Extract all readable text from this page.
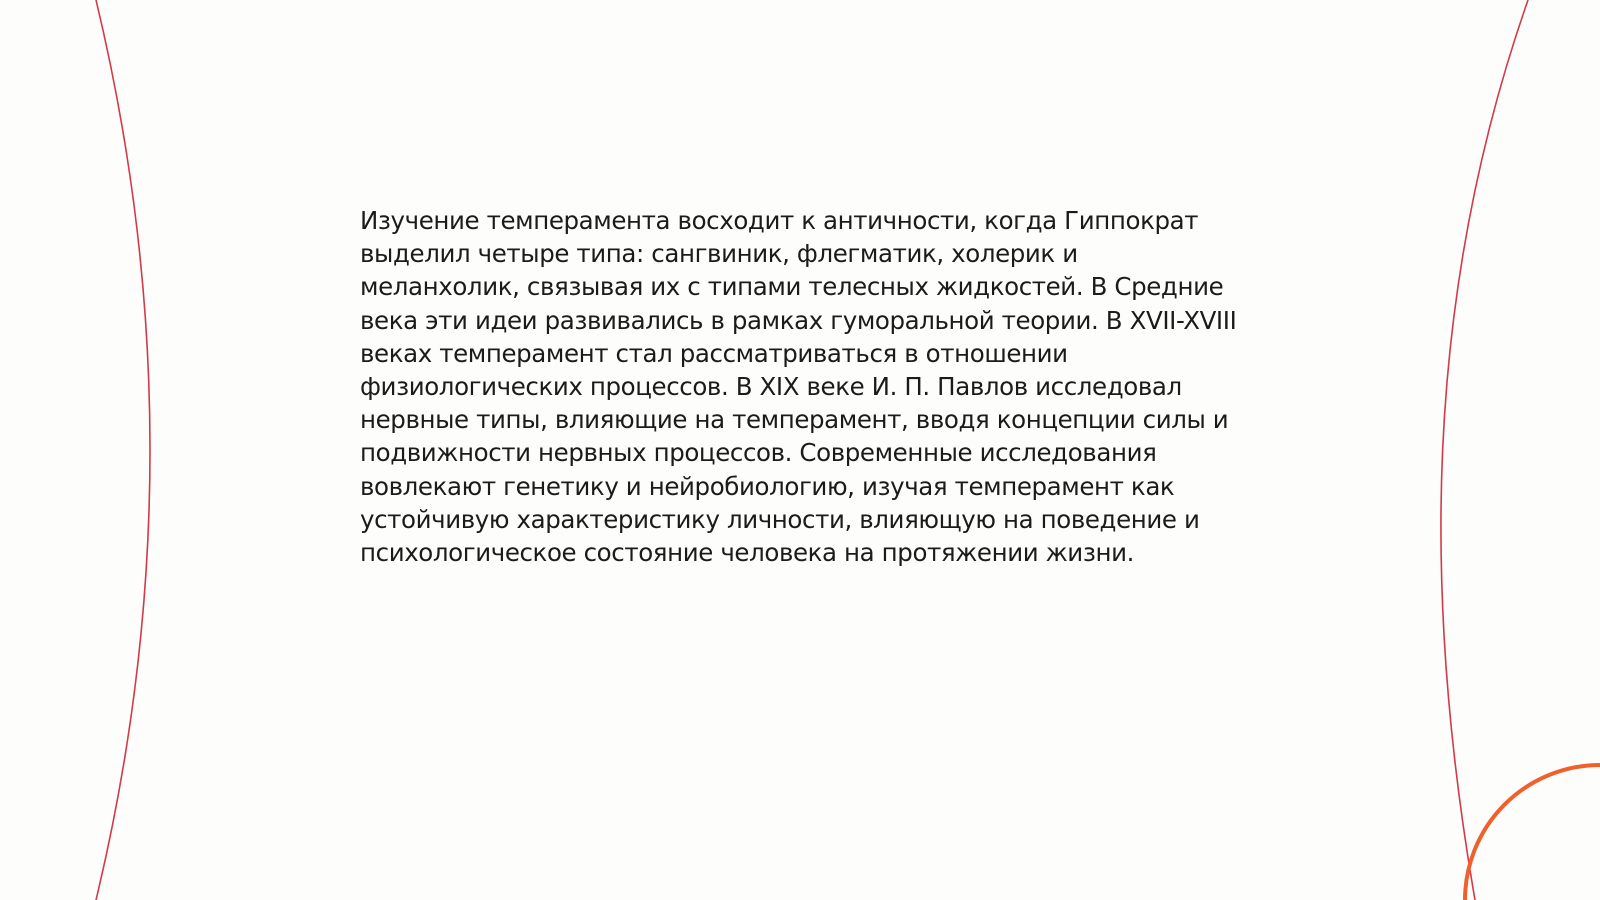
Изучение темперамента восходит к античности, когда Гиппократ выделил четыре типа: сангвиник, флегматик, холерик и меланхолик, связывая их с типами телесных жидкостей. В Средние века эти идеи развивались в рамках гуморальной теории. В XVII-XVIII веках темперамент стал рассматриваться в отношении физиологических процессов. В XIX веке И. П. Павлов исследовал нервные типы, влияющие на темперамент, вводя концепции силы и подвижности нервных процессов. Современные исследования вовлекают генетику и нейробиологию, изучая темперамент как устойчивую характеристику личности, влияющую на поведение и психологическое состояние человека на протяжении жизни.
